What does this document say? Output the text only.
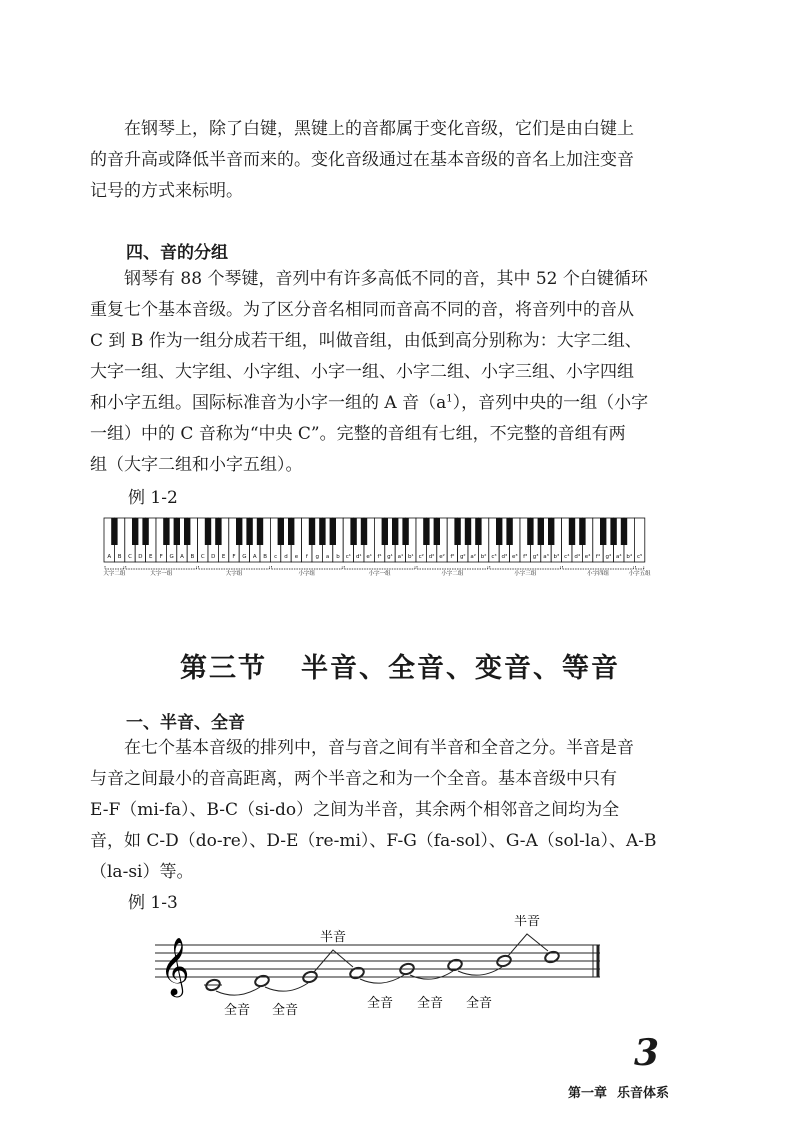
在钢琴上，除了白键，黑键上的音都属于变化音级，它们是由白键上
的音升高或降低半音而来的。变化音级通过在基本音级的音名上加注变音
记号的方式来标明。

四、音的分组

钢琴有 88 个琴键，音列中有许多高低不同的音，其中 52 个白键循环
重复七个基本音级。为了区分音名相同而音高不同的音，将音列中的音从
C 到 B 作为一组分成若干组，叫做音组，由低到高分别称为：大字二组、
大字一组、大字组、小字组、小字一组、小字二组、小字三组、小字四组
和小字五组。国际标准音为小字一组的 A 音$(a^1)$，音列中央的一组（小字
一组）中的 C 音称为“中央 C”。完整的音组有七组，不完整的音组有两
组（大字二组和小字五组）。

例 1-2

A B C D E F G A B C D E F G A B c d e f g a b c¹ d¹ e¹ f¹ g¹ a¹ b¹ c² d² e² f² g² a² b² c³ d³ e³ f³ g³ a³ b³ c⁴ d⁴ e⁴ f⁴ g⁴ a⁴ b⁴ c⁵
大字二组	大字一组	大字组	小字组	小字一组	小字二组	小字三组	小字四组	小字五组
第三节 半音、全音、变音、等音

一、半音、全音

在七个基本音级的排列中，音与音之间有半音和全音之分。半音是音
与音之间最小的音高距离，两个半音之和为一个全音。基本音级中只有
E-F（mi-fa）、B-C（si-do）之间为半音，其余两个相邻音之间均为全
音，如 C-D（do-re）、D-E（re-mi）、F-G（fa-sol）、G-A（sol-la）、A-B
（la-si）等。

例 1-3

𝄞	半音
半音
全音 全音	全音 全音 全音
3
第一章 乐音体系
